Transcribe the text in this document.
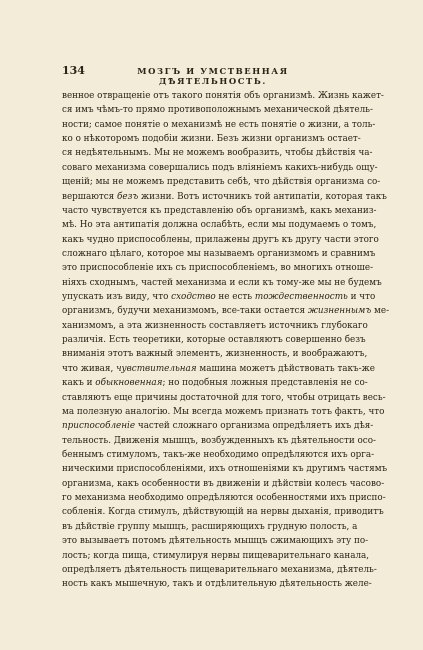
134	МОЗГЪ И УМСТВЕННАЯ ДѢЯТЕЛЬНОСТЬ.
венное отвращеніе отъ такого понятія объ организмѣ. Жизнь кажет-
ся имъ чѣмъ-то прямо противоположнымъ механической дѣятель-
ности; самое понятіе о механизмѣ не есть понятіе о жизни, а толь-
ко о нѣкоторомъ подобіи жизни. Безъ жизни организмъ остает-
ся недѣятельнымъ. Мы не можемъ вообразить, чтобы дѣйствія ча-
соваго механизма совершались подъ вліяніемъ какихъ-нибудь ощу-
щеній; мы не можемъ представить себѣ, что дѣйствія организма со-
вершаются безъ жизни. Вотъ источникъ той антипатіи, которая такъ
часто чувствуется къ представленію объ организмѣ, какъ механиз-
мѣ. Но эта антипатія должна ослабѣть, если мы подумаемъ о томъ,
какъ чудно приспособлены, прилажены другъ къ другу части этого
сложнаго цѣлаго, которое мы называемъ организмомъ и сравнимъ
это приспособленіе ихъ съ приспособленіемъ, во многихъ отноше-
ніяхъ сходнымъ, частей механизма и если къ тому-же мы не будемъ
упускать изъ виду, что сходство не есть тождественность и что
организмъ, будучи механизмомъ, все-таки остается жизненнымъ ме-
ханизмомъ, а эта жизненность составляетъ источникъ глубокаго
различія. Есть теоретики, которые оставляютъ совершенно безъ
вниманія этотъ важный элементъ, жизненность, и воображаютъ,
что живая, чувствительная машина можетъ дѣйствовать такъ-же
какъ и обыкновенная; но подобныя ложныя представленія не со-
ставляютъ еще причины достаточной для того, чтобы отрицать весь-
ма полезную аналогію. Мы всегда можемъ признать тотъ фактъ, что
приспособленіе частей сложнаго организма опредѣляетъ ихъ дѣя-
тельность. Движенія мышцъ, возбужденныхъ къ дѣятельности осо-
беннымъ стимуломъ, такъ-же необходимо опредѣляются ихъ орга-
ническими приспособленіями, ихъ отношеніями къ другимъ частямъ
организма, какъ особенности въ движеніи и дѣйствіи колесъ часово-
го механизма необходимо опредѣляются особенностями ихъ приспо-
собленія. Когда стимулъ, дѣйствующій на нервы дыханія, приводитъ
въ дѣйствіе группу мышцъ, расширяющихъ грудную полость, а
это вызываетъ потомъ дѣятельность мышцъ сжимающихъ эту по-
лость; когда пища, стимулируя нервы пищеварительнаго канала,
опредѣляетъ дѣятельность пищеварительнаго механизма, дѣятель-
ность какъ мышечную, такъ и отдѣлительную дѣятельность желе-
